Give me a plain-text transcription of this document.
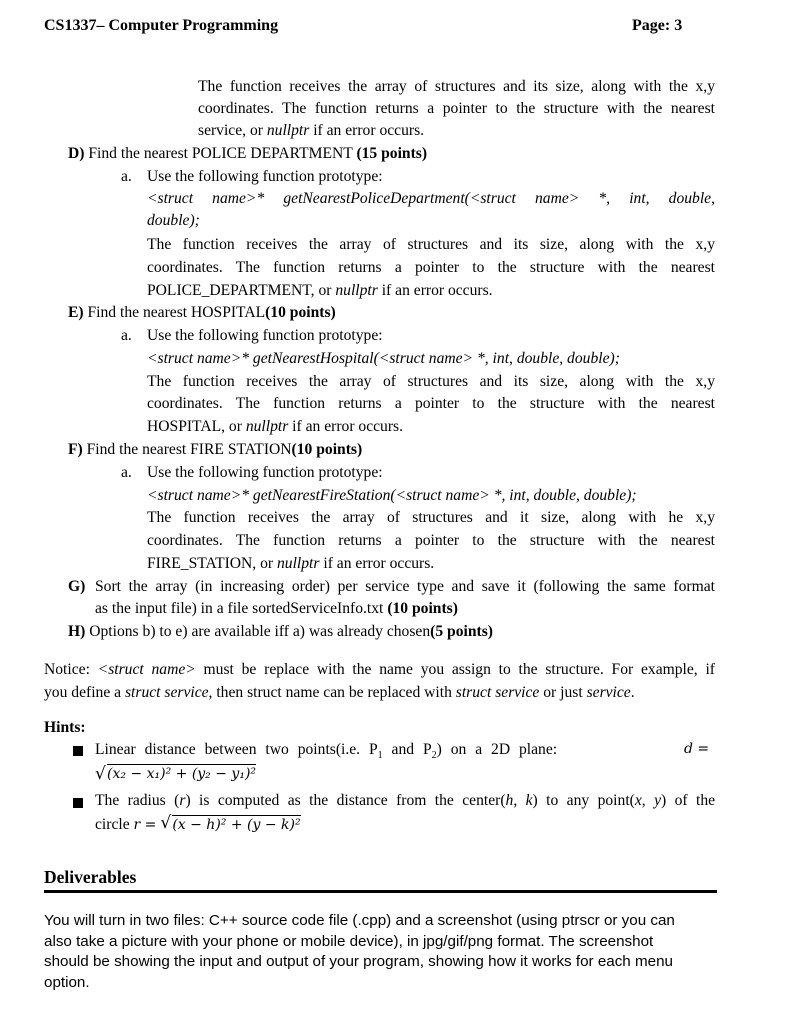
CS1337– Computer Programming	Page: 3
The function receives the array of structures and its size, along with the x,y
coordinates. The function returns a pointer to the structure with the nearest
service, or nullptr if an error occurs.
D) Find the nearest POLICE DEPARTMENT (15 points)
a. Use the following function prototype:
<struct name>* getNearestPoliceDepartment(<struct name> *, int, double,
double);
The function receives the array of structures and its size, along with the x,y
coordinates. The function returns a pointer to the structure with the nearest
POLICE_DEPARTMENT, or nullptr if an error occurs.
E) Find the nearest HOSPITAL(10 points)
a. Use the following function prototype:
<struct name>* getNearestHospital(<struct name> *, int, double, double);
The function receives the array of structures and its size, along with the x,y
coordinates. The function returns a pointer to the structure with the nearest
HOSPITAL, or nullptr if an error occurs.
F) Find the nearest FIRE STATION(10 points)
a. Use the following function prototype:
<struct name>* getNearestFireStation(<struct name> *, int, double, double);
The function receives the array of structures and it size, along with he x,y
coordinates. The function returns a pointer to the structure with the nearest
FIRE_STATION, or nullptr if an error occurs.
G) Sort the array (in increasing order) per service type and save it (following the same format
as the input file) in a file sortedServiceInfo.txt (10 points)
H) Options b) to e) are available iff a) was already chosen(5 points)
Notice: <struct name> must be replace with the name you assign to the structure. For example, if
you define a struct service, then struct name can be replaced with struct service or just service.
Hints:
Linear distance between two points(i.e. $P_1$ and $P_2$) on a 2D plane:	d =
√ (x₂ − x₁)² + (y₂ − y₁)²
The radius (r) is computed as the distance from the center(h, k) to any point(x, y) of the
circle r = √ (x − h)² + (y − k)²
Deliverables
You will turn in two files: C++ source code file (.cpp) and a screenshot (using ptrscr or you can
also take a picture with your phone or mobile device), in jpg/gif/png format. The screenshot
should be showing the input and output of your program, showing how it works for each menu
option.
